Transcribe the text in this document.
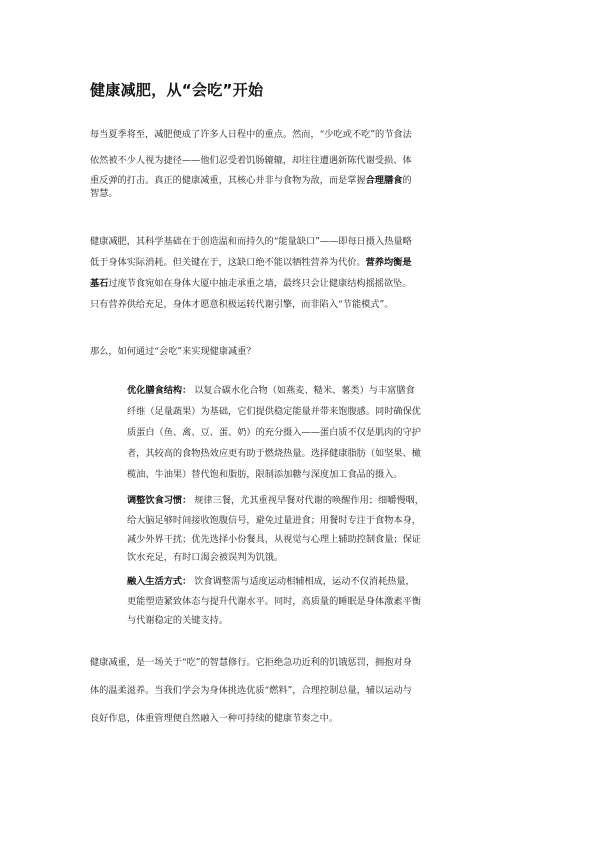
健康减肥，从“会吃”开始
每当夏季将至，减肥便成了许多人日程中的重点。然而，“少吃或不吃”的节食法
依然被不少人视为捷径——他们忍受着饥肠辘辘，却往往遭遇新陈代谢受损、体
重反弹的打击。真正的健康减重，其核心并非与食物为敌，而是掌握合理膳食的
智慧。
健康减肥，其科学基础在于创造温和而持久的“能量缺口”——即每日摄入热量略
低于身体实际消耗。但关键在于，这缺口绝不能以牺牲营养为代价。营养均衡是
基石过度节食宛如在身体大厦中抽走承重之墙，最终只会让健康结构摇摇欲坠。
只有营养供给充足，身体才愿意积极运转代谢引擎，而非陷入“节能模式”。
那么，如何通过“会吃”来实现健康减重？
优化膳食结构： 以复合碳水化合物（如燕麦、糙米、薯类）与丰富膳食
纤维（足量蔬果）为基础，它们提供稳定能量并带来饱腹感。同时确保优
质蛋白（鱼、禽、豆、蛋、奶）的充分摄入——蛋白质不仅是肌肉的守护
者，其较高的食物热效应更有助于燃烧热量。选择健康脂肪（如坚果、橄
榄油、牛油果）替代饱和脂肪，限制添加糖与深度加工食品的摄入。
调整饮食习惯： 规律三餐，尤其重视早餐对代谢的唤醒作用；细嚼慢咽，
给大脑足够时间接收饱腹信号，避免过量进食；用餐时专注于食物本身，
减少外界干扰；优先选择小份餐具，从视觉与心理上辅助控制食量；保证
饮水充足，有时口渴会被误判为饥饿。
融入生活方式： 饮食调整需与适度运动相辅相成，运动不仅消耗热量，
更能塑造紧致体态与提升代谢水平。同时，高质量的睡眠是身体激素平衡
与代谢稳定的关键支持。
健康减重，是一场关于“吃”的智慧修行。它拒绝急功近利的饥饿惩罚，拥抱对身
体的温柔滋养。当我们学会为身体挑选优质“燃料”，合理控制总量，辅以运动与
良好作息，体重管理便自然融入一种可持续的健康节奏之中。
